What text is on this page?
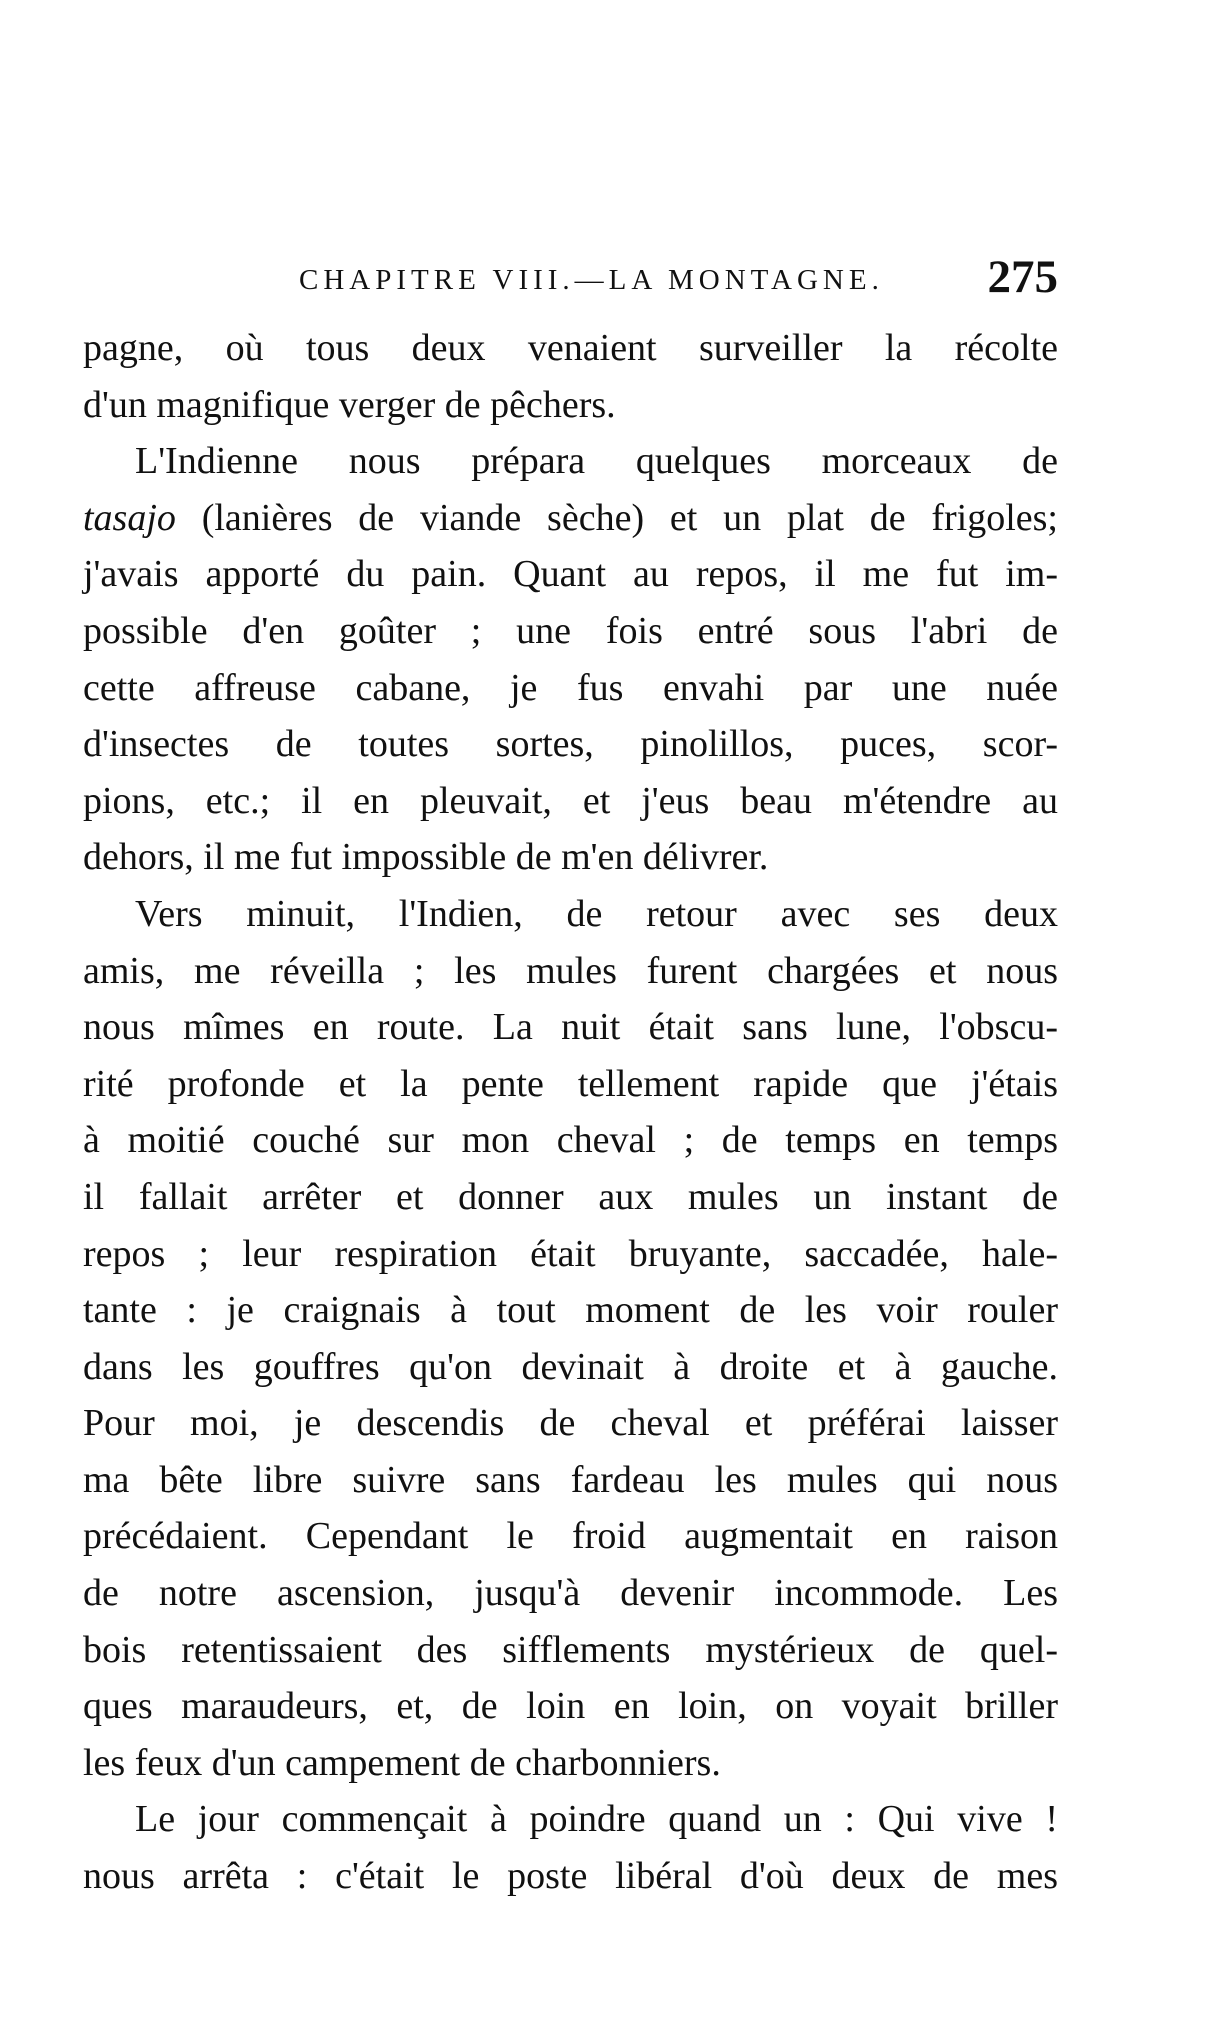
CHAPITRE VIII.—LA MONTAGNE. 275

pagne, où tous deux venaient surveiller la récolte

d'un magnifique verger de pêchers.

L'Indienne nous prépara quelques morceaux de

tasajo (lanières de viande sèche) et un plat de frigoles;

j'avais apporté du pain. Quant au repos, il me fut im-

possible d'en goûter ; une fois entré sous l'abri de

cette affreuse cabane, je fus envahi par une nuée

d'insectes de toutes sortes, pinolillos, puces, scor-

pions, etc.; il en pleuvait, et j'eus beau m'étendre au

dehors, il me fut impossible de m'en délivrer.

Vers minuit, l'Indien, de retour avec ses deux

amis, me réveilla ; les mules furent chargées et nous

nous mîmes en route. La nuit était sans lune, l'obscu-

rité profonde et la pente tellement rapide que j'étais

à moitié couché sur mon cheval ; de temps en temps

il fallait arrêter et donner aux mules un instant de

repos ; leur respiration était bruyante, saccadée, hale-

tante : je craignais à tout moment de les voir rouler

dans les gouffres qu'on devinait à droite et à gauche.

Pour moi, je descendis de cheval et préférai laisser

ma bête libre suivre sans fardeau les mules qui nous

précédaient. Cependant le froid augmentait en raison

de notre ascension, jusqu'à devenir incommode. Les

bois retentissaient des sifflements mystérieux de quel-

ques maraudeurs, et, de loin en loin, on voyait briller

les feux d'un campement de charbonniers.

Le jour commençait à poindre quand un : Qui vive !

nous arrêta : c'était le poste libéral d'où deux de mes
